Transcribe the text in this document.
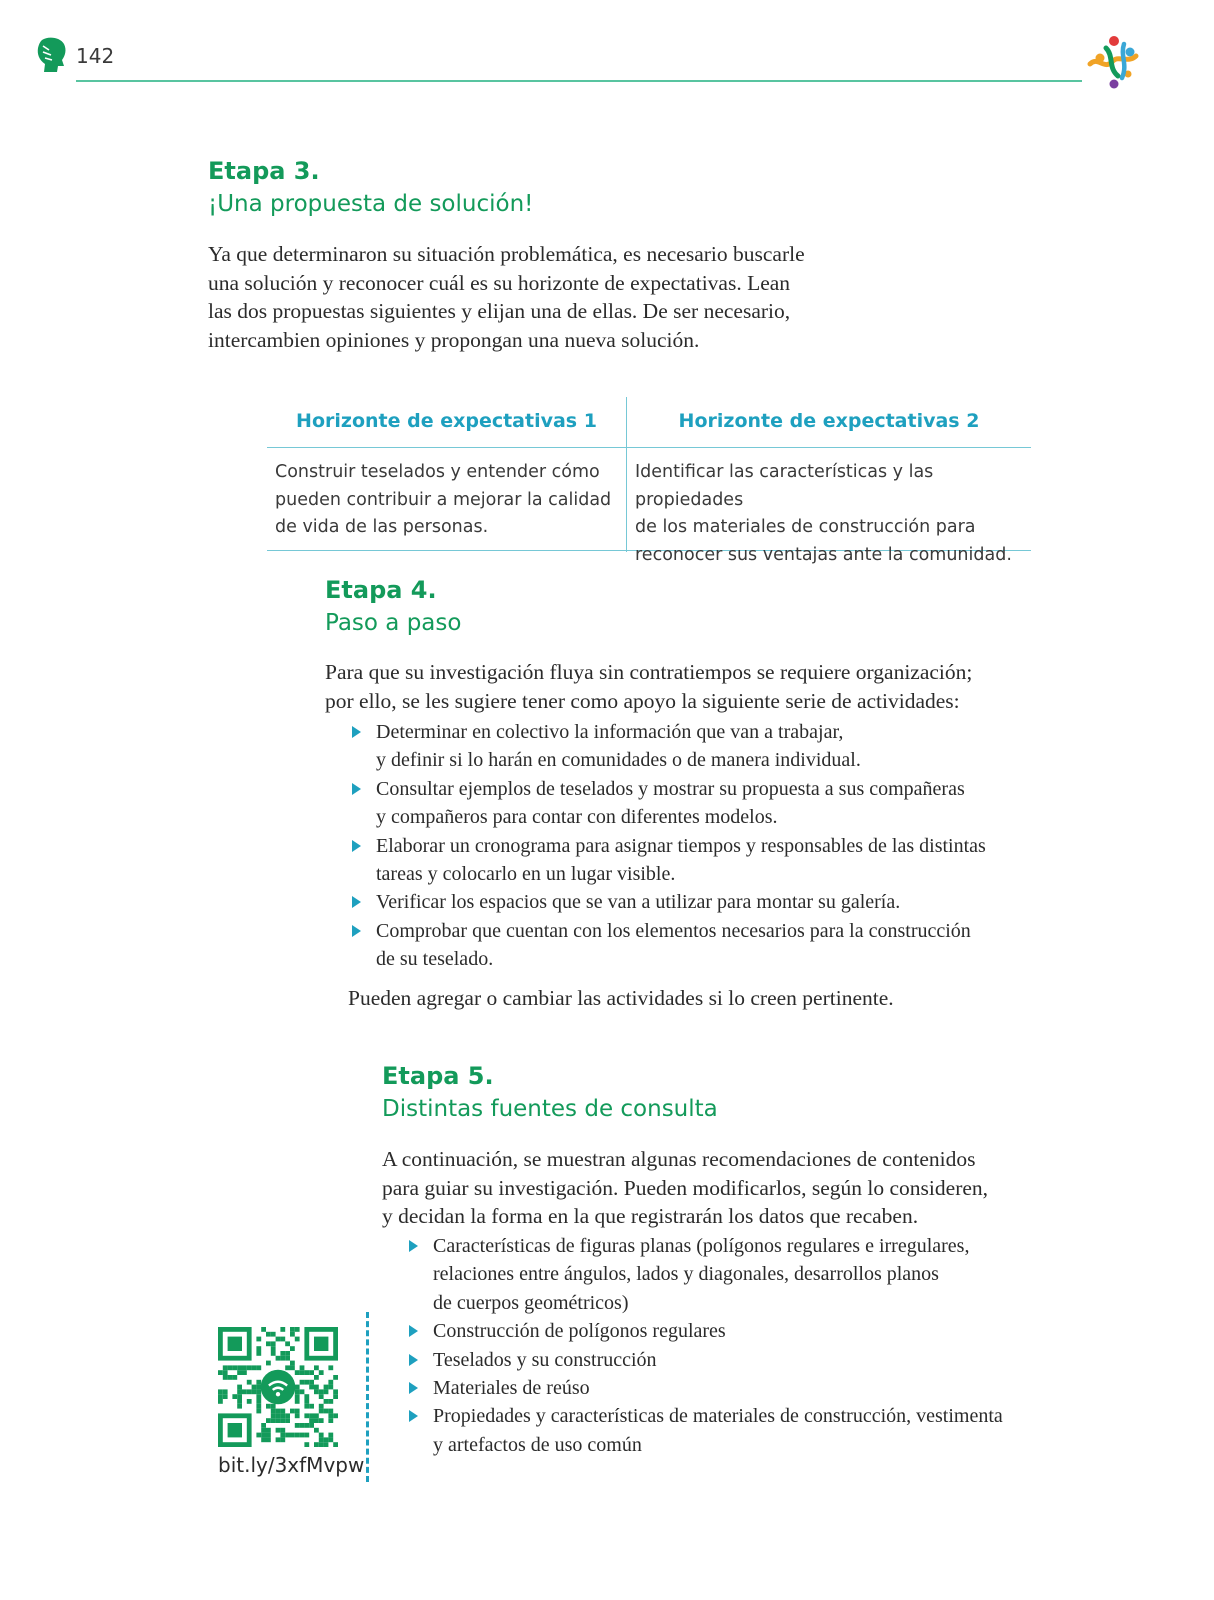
142

Etapa 3.

¡Una propuesta de solución!

Ya que determinaron su situación problemática, es necesario buscarle

una solución y reconocer cuál es su horizonte de expectativas. Lean

las dos propuestas siguientes y elijan una de ellas. De ser necesario,

intercambien opiniones y propongan una nueva solución.

Horizonte de expectativas 1	Horizonte de expectativas 2
Construir teselados y entender cómo
pueden contribuir a mejorar la calidad
de vida de las personas.
Identificar las características y las propiedades
de los materiales de construcción para
reconocer sus ventajas ante la comunidad.

Etapa 4.

Paso a paso

Para que su investigación fluya sin contratiempos se requiere organización;

por ello, se les sugiere tener como apoyo la siguiente serie de actividades:

Determinar en colectivo la información que van a trabajar,
y definir si lo harán en comunidades o de manera individual.
Consultar ejemplos de teselados y mostrar su propuesta a sus compañeras
y compañeros para contar con diferentes modelos.
Elaborar un cronograma para asignar tiempos y responsables de las distintas
tareas y colocarlo en un lugar visible.
Verificar los espacios que se van a utilizar para montar su galería.
Comprobar que cuentan con los elementos necesarios para la construcción
de su teselado.

Pueden agregar o cambiar las actividades si lo creen pertinente.

Etapa 5.

Distintas fuentes de consulta

A continuación, se muestran algunas recomendaciones de contenidos

para guiar su investigación. Pueden modificarlos, según lo consideren,

y decidan la forma en la que registrarán los datos que recaben.

Características de figuras planas (polígonos regulares e irregulares,
relaciones entre ángulos, lados y diagonales, desarrollos planos
de cuerpos geométricos)
Construcción de polígonos regulares
Teselados y su construcción
Materiales de reúso
Propiedades y características de materiales de construcción, vestimenta
y artefactos de uso común
bit.ly/3xfMvpw
